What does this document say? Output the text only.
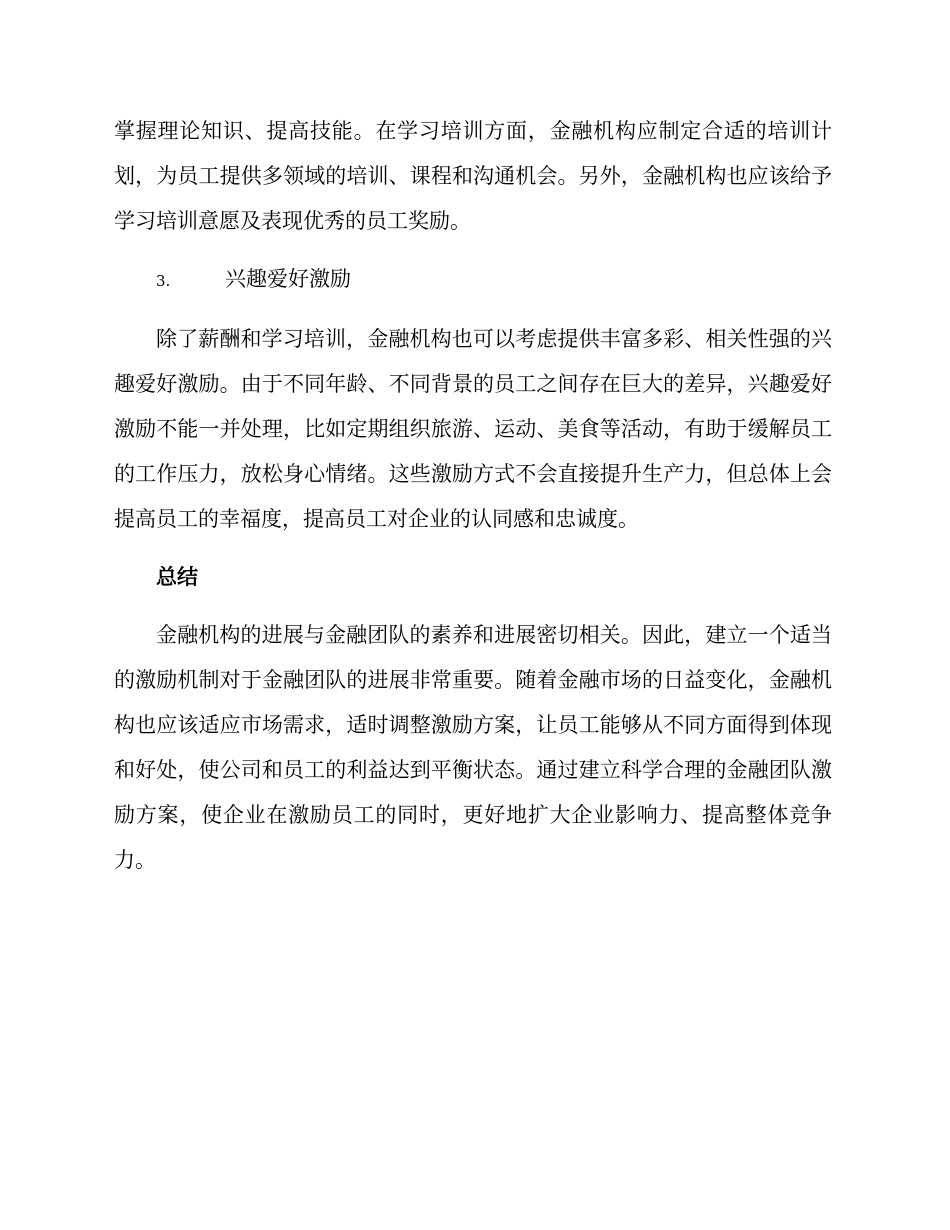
掌握理论知识、提高技能。在学习培训方面，金融机构应制定合适的培训计划，为员工提供多领域的培训、课程和沟通机会。另外，金融机构也应该给予学习培训意愿及表现优秀的员工奖励。

3.	兴趣爱好激励

除了薪酬和学习培训，金融机构也可以考虑提供丰富多彩、相关性强的兴趣爱好激励。由于不同年龄、不同背景的员工之间存在巨大的差异，兴趣爱好激励不能一并处理，比如定期组织旅游、运动、美食等活动，有助于缓解员工的工作压力，放松身心情绪。这些激励方式不会直接提升生产力，但总体上会提高员工的幸福度，提高员工对企业的认同感和忠诚度。

总结

金融机构的进展与金融团队的素养和进展密切相关。因此，建立一个适当的激励机制对于金融团队的进展非常重要。随着金融市场的日益变化，金融机构也应该适应市场需求，适时调整激励方案，让员工能够从不同方面得到体现和好处，使公司和员工的利益达到平衡状态。通过建立科学合理的金融团队激励方案，使企业在激励员工的同时，更好地扩大企业影响力、提高整体竞争力。
